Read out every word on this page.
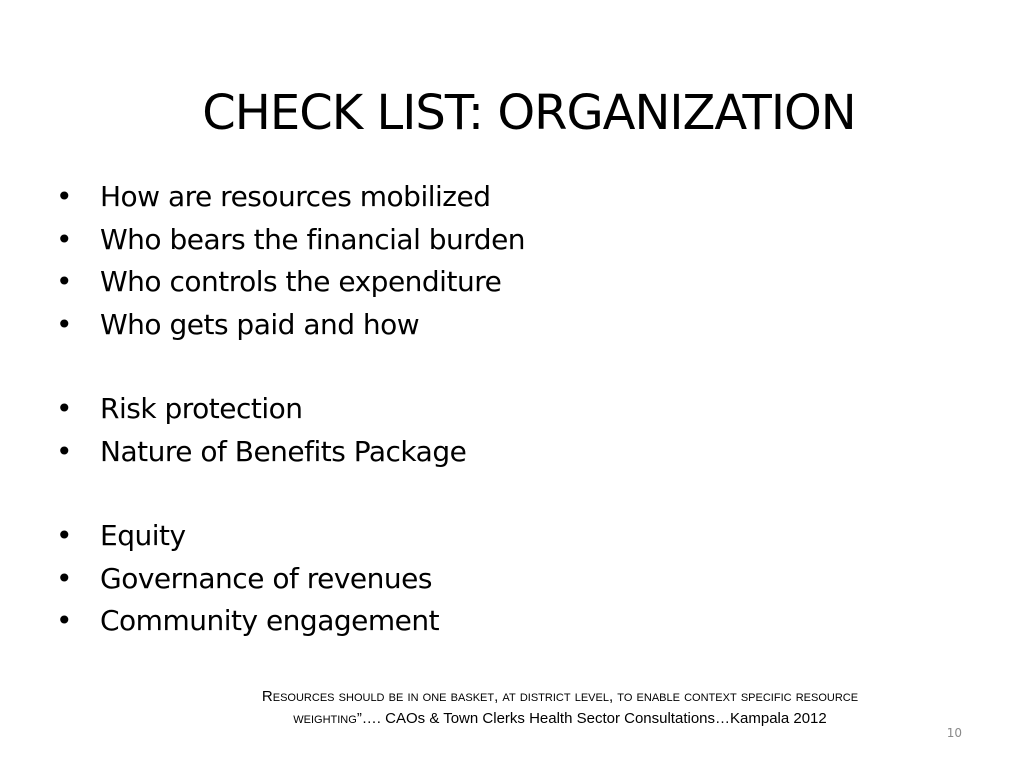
CHECK LIST: ORGANIZATION
• How are resources mobilized
• Who bears the financial burden
• Who controls the expenditure
• Who gets paid and how
• Risk protection
• Nature of Benefits Package
• Equity
• Governance of revenues
• Community engagement
Resources should be in one basket, at district level, to enable context specific resource
weighting”…. CAOs & Town Clerks Health Sector Consultations…Kampala 2012
10
